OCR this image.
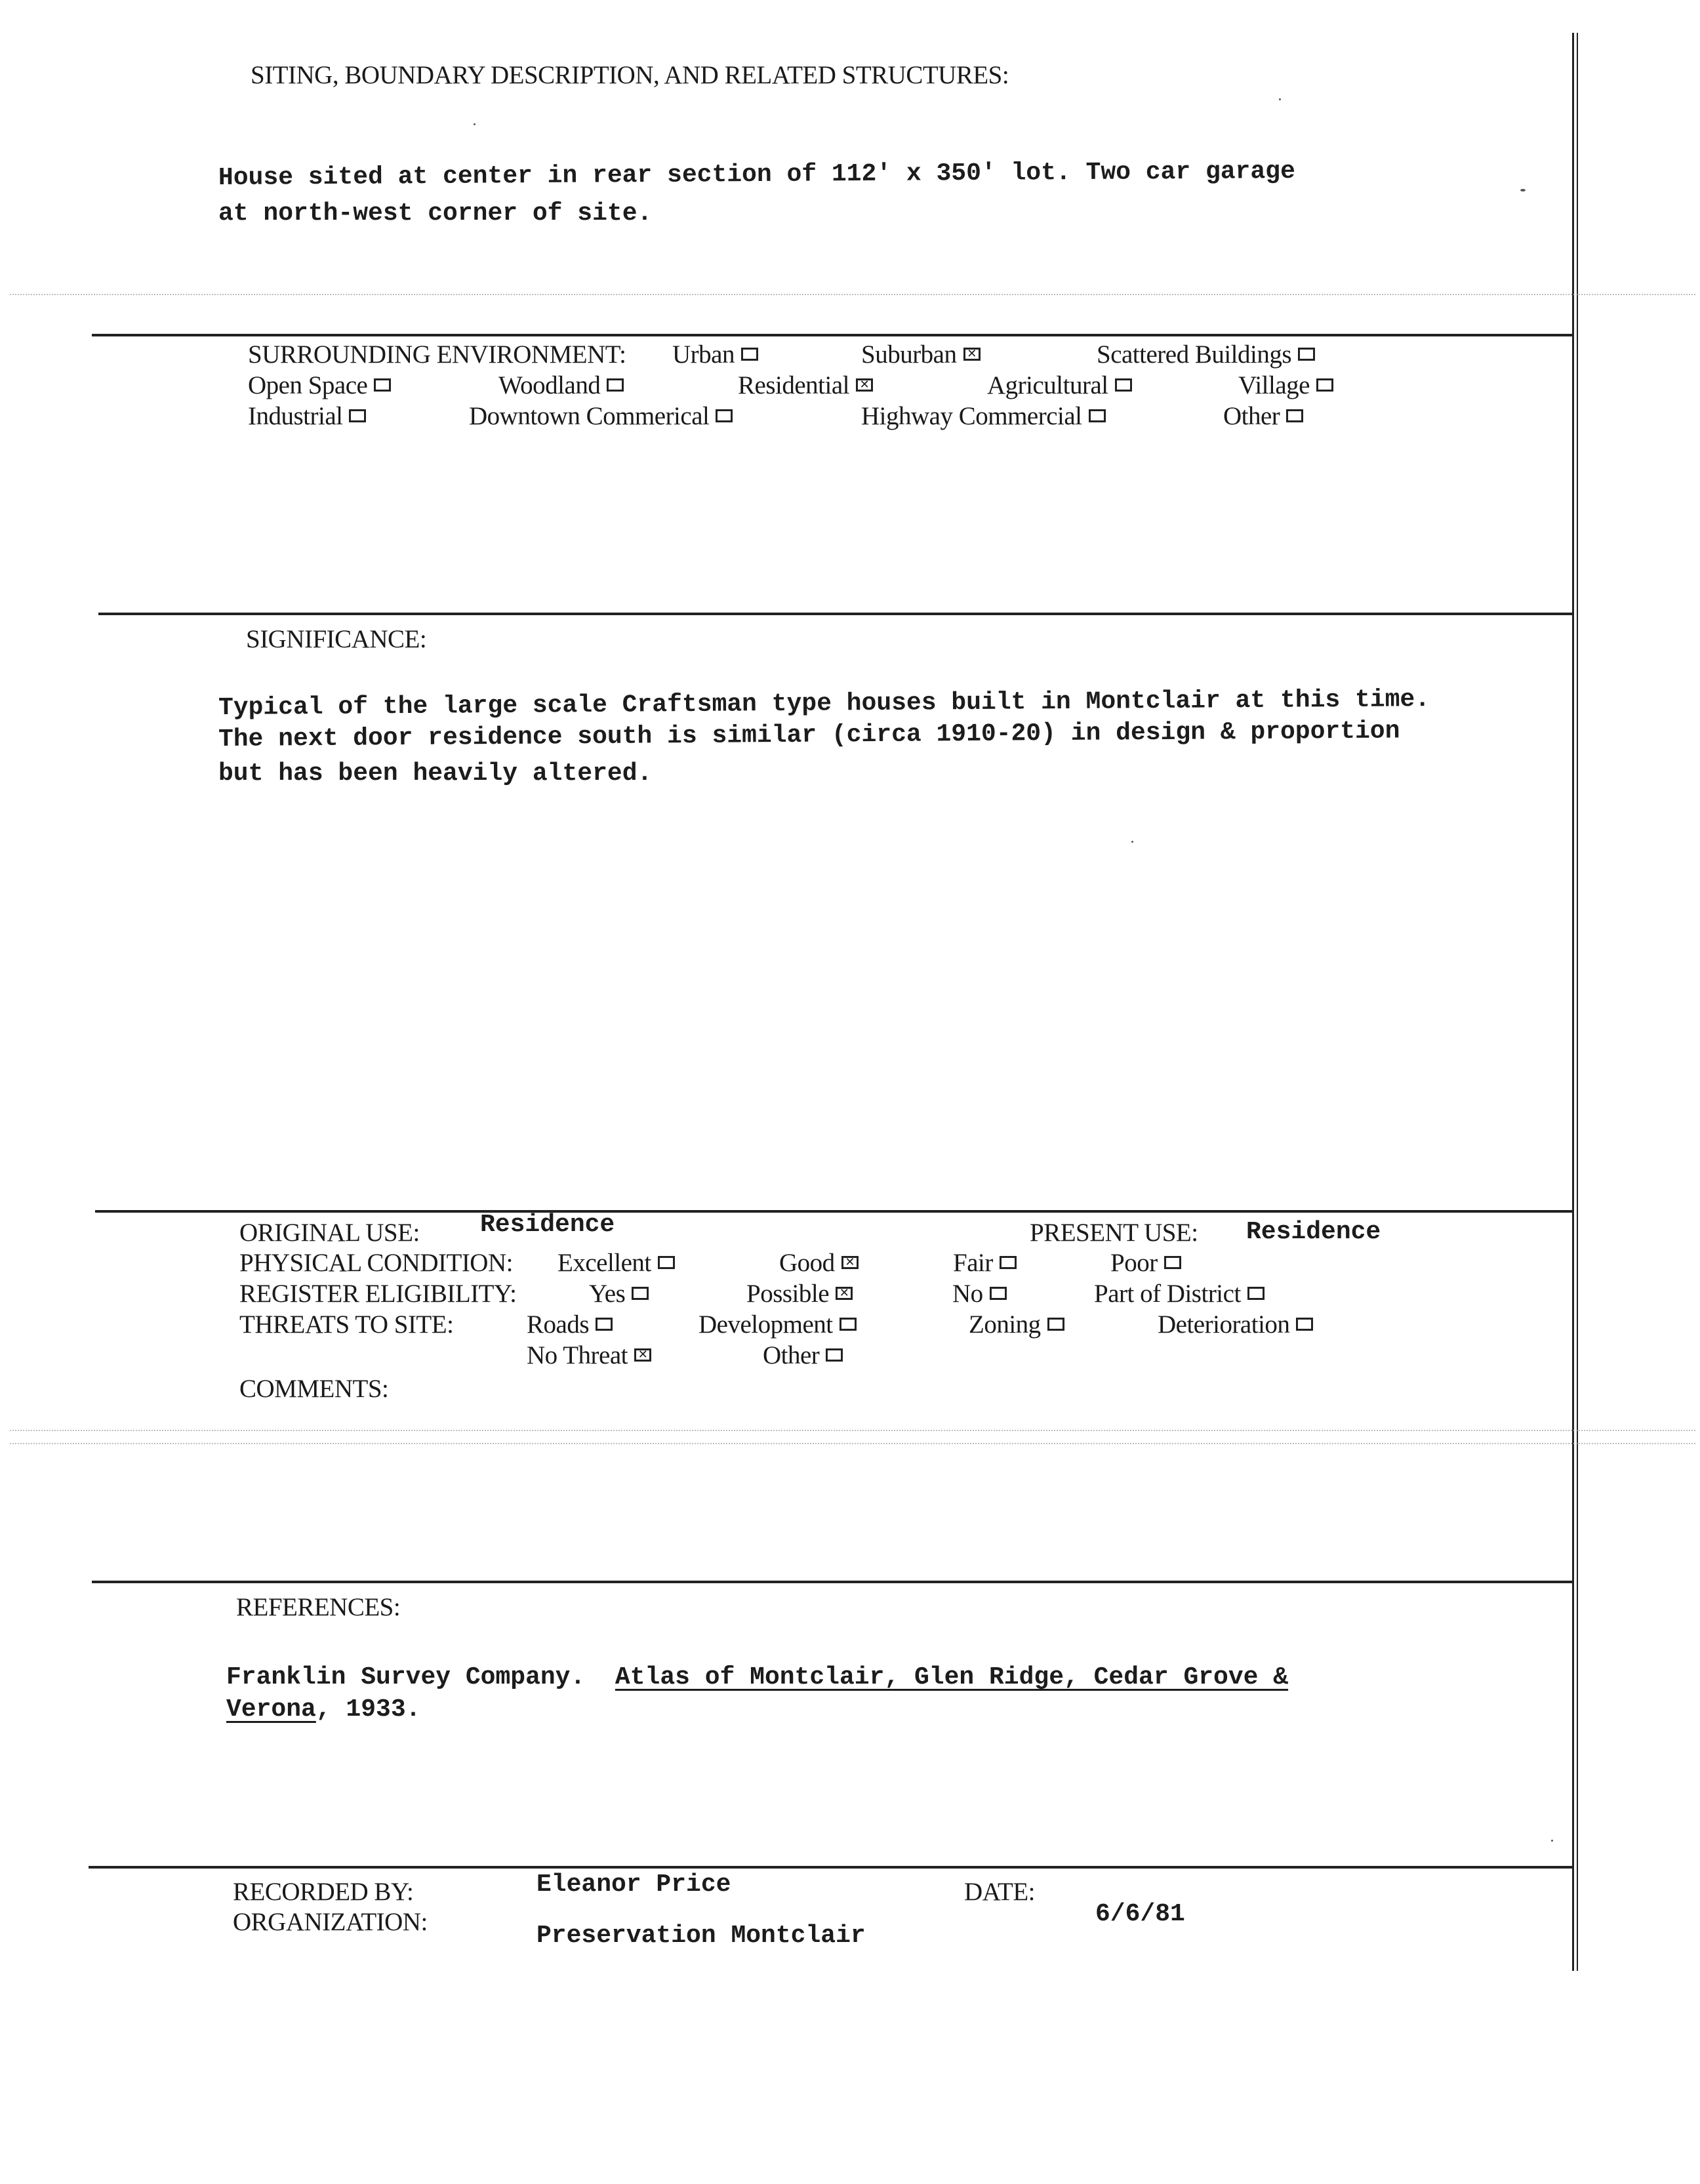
SITING, BOUNDARY DESCRIPTION, AND RELATED STRUCTURES:
House sited at center in rear section of 112' x 350' lot. Two car garage
at north-west corner of site.
SURROUNDING ENVIRONMENT: Urban	Suburban ✕	Scattered Buildings
Open Space	Woodland	Residential ✕	Agricultural	Village
Industrial	Downtown Commerical	Highway Commercial	Other
SIGNIFICANCE:
Typical of the large scale Craftsman type houses built in Montclair at this time.
The next door residence south is similar (circa 1910-20) in design & proportion
but has been heavily altered.
ORIGINAL USE: Residence	PRESENT USE: Residence
PHYSICAL CONDITION: Excellent	Good ✕	Fair	Poor
REGISTER ELIGIBILITY:	Yes	Possible ✕	No	Part of District
THREATS TO SITE:	Roads	Development	Zoning	Deterioration
No Threat ✕	Other
COMMENTS:
REFERENCES:
Franklin Survey Company. Atlas of Montclair, Glen Ridge, Cedar Grove &
Verona, 1933.
RECORDED BY:	Eleanor Price
ORGANIZATION:	Preservation Montclair
DATE:
6/6/81
